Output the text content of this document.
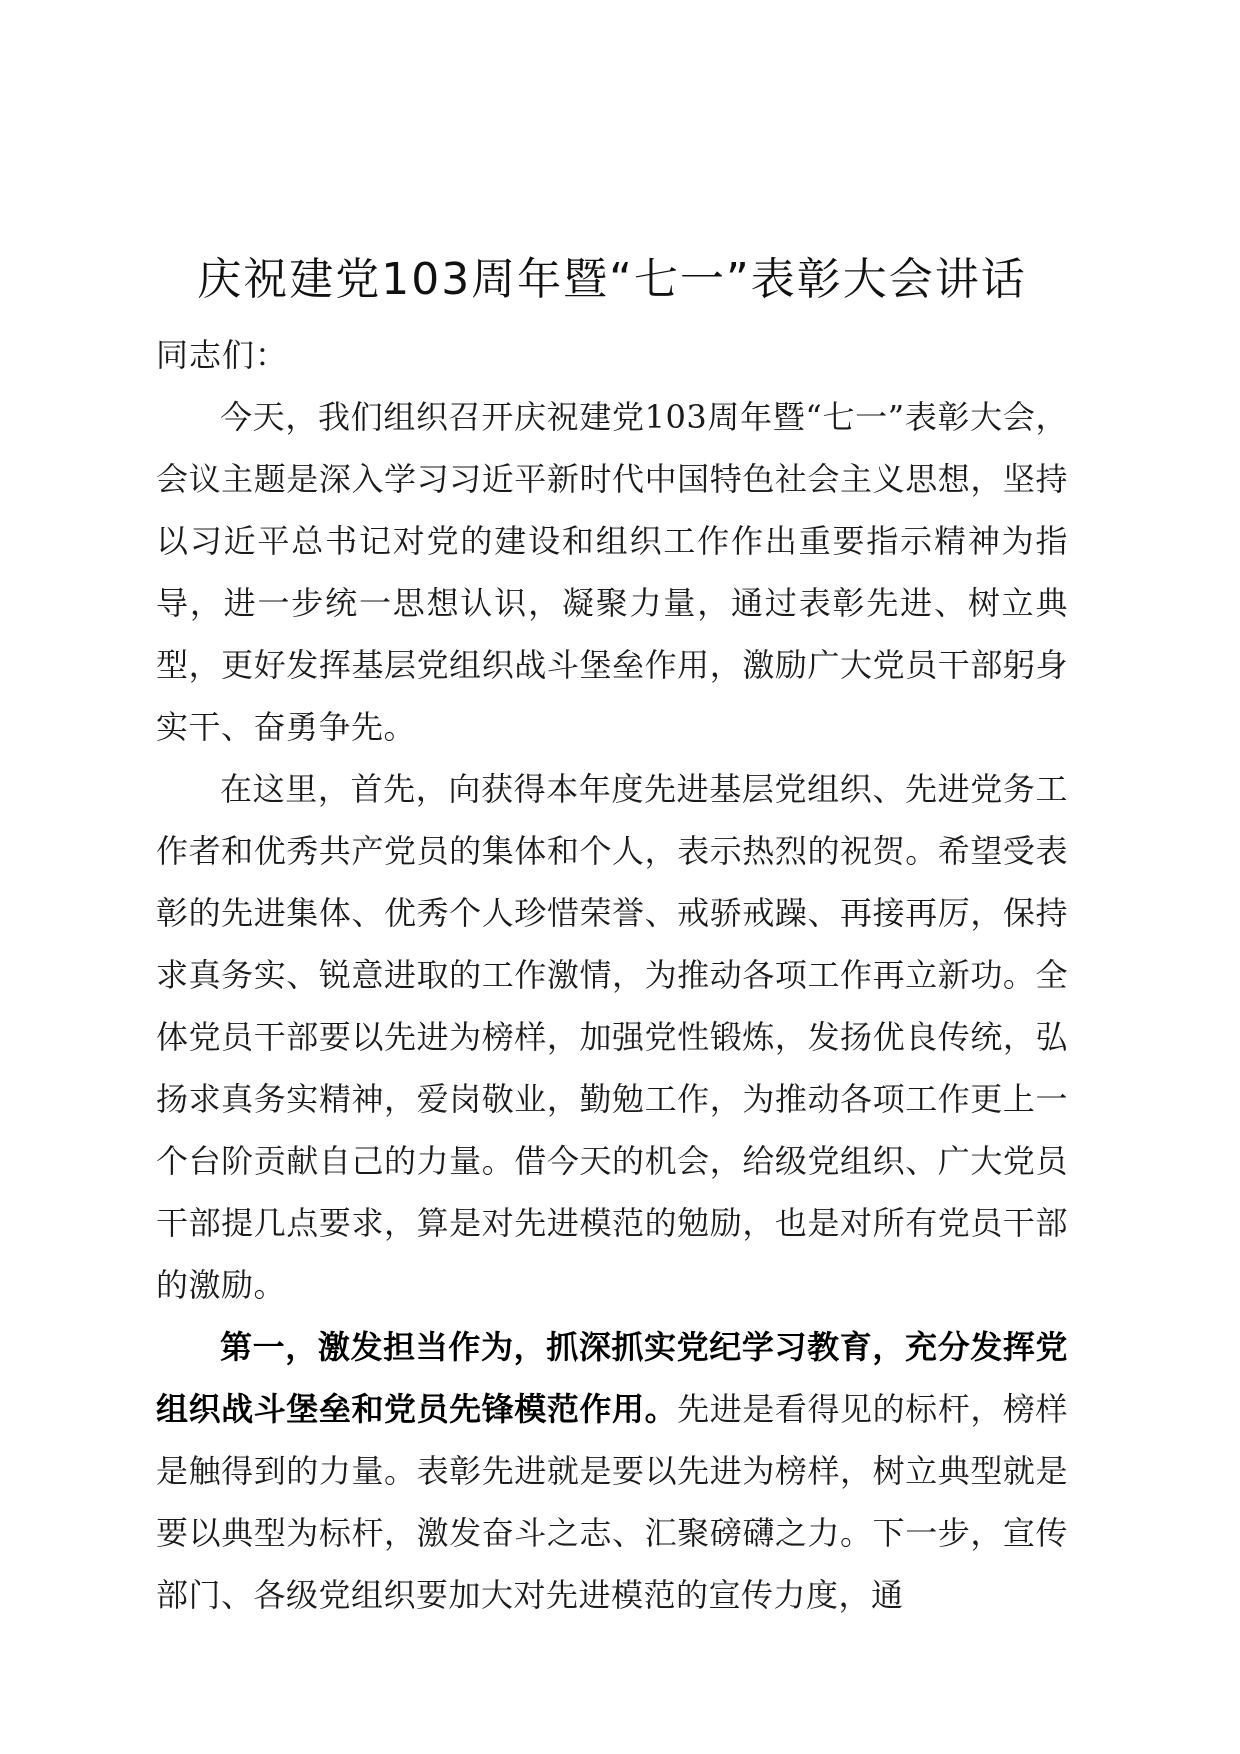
庆祝建党103周年暨“七一”表彰大会讲话

同志们：

今天，我们组织召开庆祝建党103周年暨“七一”表彰大会，会议主题是深入学习习近平新时代中国特色社会主义思想，坚持以习近平总书记对党的建设和组织工作作出重要指示精神为指导，进一步统一思想认识，凝聚力量，通过表彰先进、树立典型，更好发挥基层党组织战斗堡垒作用，激励广大党员干部躬身实干、奋勇争先。

在这里，首先，向获得本年度先进基层党组织、先进党务工作者和优秀共产党员的集体和个人，表示热烈的祝贺。希望受表彰的先进集体、优秀个人珍惜荣誉、戒骄戒躁、再接再厉，保持求真务实、锐意进取的工作激情，为推动各项工作再立新功。全体党员干部要以先进为榜样，加强党性锻炼，发扬优良传统，弘扬求真务实精神，爱岗敬业，勤勉工作，为推动各项工作更上一个台阶贡献自己的力量。借今天的机会，给级党组织、广大党员干部提几点要求，算是对先进模范的勉励，也是对所有党员干部的激励。

第一，激发担当作为，抓深抓实党纪学习教育，充分发挥党组织战斗堡垒和党员先锋模范作用。先进是看得见的标杆，榜样是触得到的力量。表彰先进就是要以先进为榜样，树立典型就是要以典型为标杆，激发奋斗之志、汇聚磅礴之力。下一步，宣传部门、各级党组织要加大对先进模范的宣传力度，通
